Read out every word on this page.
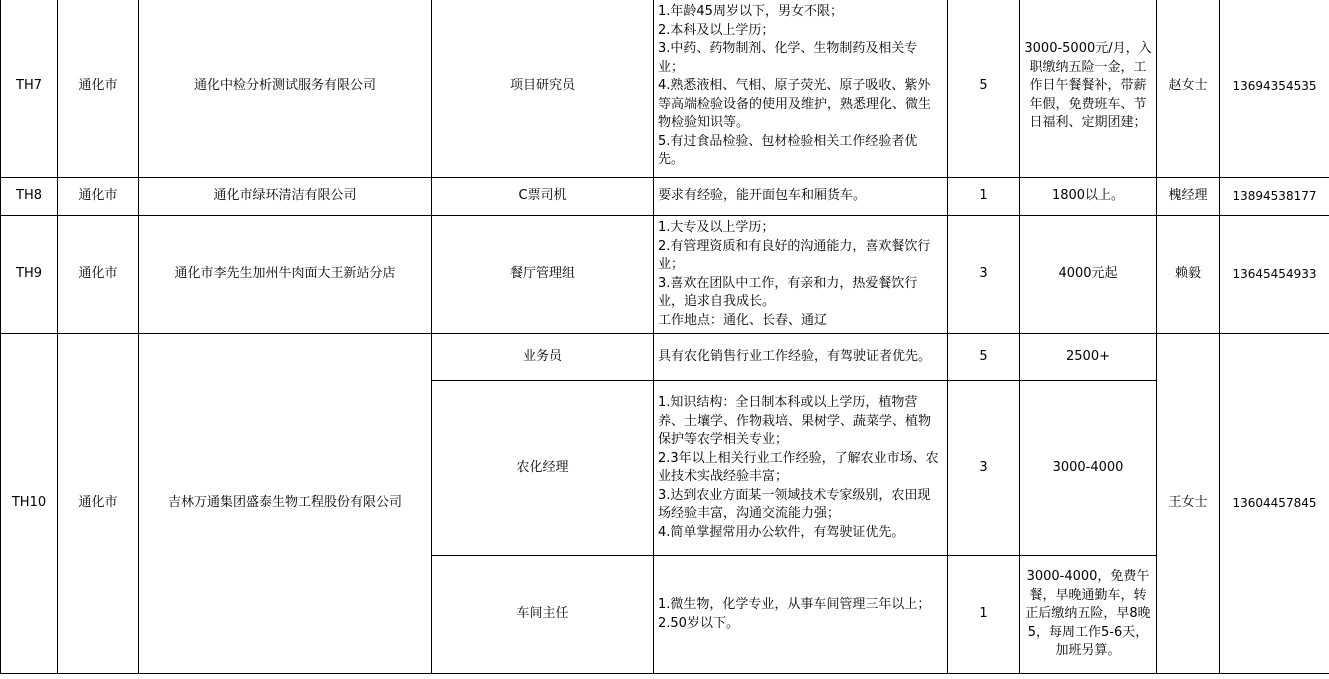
TH7	通化市	通化中检分析测试服务有限公司	项目研究员	1.年龄45周岁以下，男女不限；
2.本科及以上学历；
3.中药、药物制剂、化学、生物制药及相关专业；
4.熟悉液相、气相、原子荧光、原子吸收、紫外等高端检验设备的使用及维护，熟悉理化、微生物检验知识等。
5.有过食品检验、包材检验相关工作经验者优先。	5	3000-5000元/月，入职缴纳五险一金，工作日午餐餐补，带薪年假，免费班车、节日福利、定期团建；	赵女士	13694354535
TH8	通化市	通化市绿环清洁有限公司	C票司机	要求有经验，能开面包车和厢货车。	1	1800以上。	槐经理	13894538177
TH9	通化市	通化市李先生加州牛肉面大王新站分店	餐厅管理组	1.大专及以上学历；
2.有管理资质和有良好的沟通能力，喜欢餐饮行业；
3.喜欢在团队中工作，有亲和力，热爱餐饮行业，追求自我成长。
工作地点：通化、长春、通辽	3	4000元起	赖毅	13645454933
TH10	通化市	吉林万通集团盛泰生物工程股份有限公司	业务员	具有农化销售行业工作经验，有驾驶证者优先。	5	2500+	王女士	13604457845
			农化经理	1.知识结构：全日制本科或以上学历，植物营养、土壤学、作物栽培、果树学、蔬菜学、植物保护等农学相关专业；
2.3年以上相关行业工作经验，了解农业市场、农业技术实战经验丰富；
3.达到农业方面某一领域技术专家级别，农田现场经验丰富，沟通交流能力强；
4.简单掌握常用办公软件，有驾驶证优先。	3	3000-4000		
			车间主任	1.微生物，化学专业，从事车间管理三年以上；
2.50岁以下。	1	3000-4000，免费午餐，早晚通勤车，转正后缴纳五险，早8晚5，每周工作5-6天，加班另算。		
